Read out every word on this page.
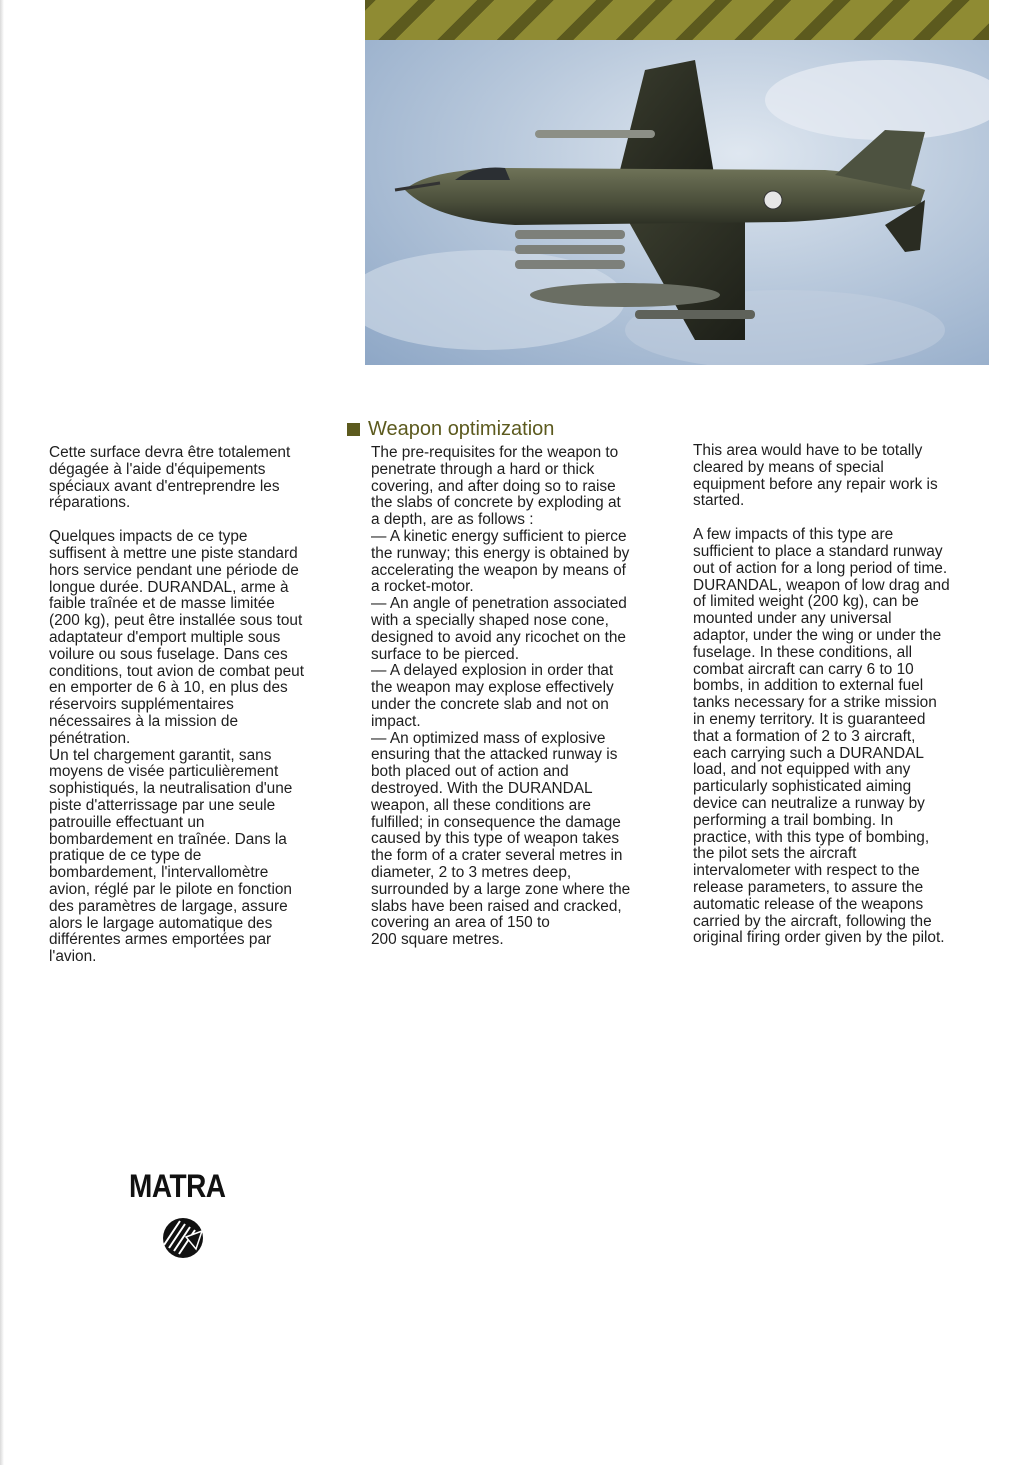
Weapon optimization

Cette surface devra être totalement
dégagée à l'aide d'équipements
spéciaux avant d'entreprendre les
réparations.

Quelques impacts de ce type
suffisent à mettre une piste standard
hors service pendant une période de
longue durée. DURANDAL, arme à
faible traînée et de masse limitée
(200 kg), peut être installée sous tout
adaptateur d'emport multiple sous
voilure ou sous fuselage. Dans ces
conditions, tout avion de combat peut
en emporter de 6 à 10, en plus des
réservoirs supplémentaires
nécessaires à la mission de
pénétration.
Un tel chargement garantit, sans
moyens de visée particulièrement
sophistiqués, la neutralisation d'une
piste d'atterrissage par une seule
patrouille effectuant un
bombardement en traînée. Dans la
pratique de ce type de
bombardement, l'intervallomètre
avion, réglé par le pilote en fonction
des paramètres de largage, assure
alors le largage automatique des
différentes armes emportées par
l'avion.

The pre-requisites for the weapon to
penetrate through a hard or thick
covering, and after doing so to raise
the slabs of concrete by exploding at
a depth, are as follows :
— A kinetic energy sufficient to pierce
the runway; this energy is obtained by
accelerating the weapon by means of
a rocket-motor.
— An angle of penetration associated
with a specially shaped nose cone,
designed to avoid any ricochet on the
surface to be pierced.
— A delayed explosion in order that
the weapon may explose effectively
under the concrete slab and not on
impact.
— An optimized mass of explosive
ensuring that the attacked runway is
both placed out of action and
destroyed. With the DURANDAL
weapon, all these conditions are
fulfilled; in consequence the damage
caused by this type of weapon takes
the form of a crater several metres in
diameter, 2 to 3 metres deep,
surrounded by a large zone where the
slabs have been raised and cracked,
covering an area of 150 to
200 square metres.

This area would have to be totally
cleared by means of special
equipment before any repair work is
started.

A few impacts of this type are
sufficient to place a standard runway
out of action for a long period of time.
DURANDAL, weapon of low drag and
of limited weight (200 kg), can be
mounted under any universal
adaptor, under the wing or under the
fuselage. In these conditions, all
combat aircraft can carry 6 to 10
bombs, in addition to external fuel
tanks necessary for a strike mission
in enemy territory. It is guaranteed
that a formation of 2 to 3 aircraft,
each carrying such a DURANDAL
load, and not equipped with any
particularly sophisticated aiming
device can neutralize a runway by
performing a trail bombing. In
practice, with this type of bombing,
the pilot sets the aircraft
intervalometer with respect to the
release parameters, to assure the
automatic release of the weapons
carried by the aircraft, following the
original firing order given by the pilot.

MATRA
